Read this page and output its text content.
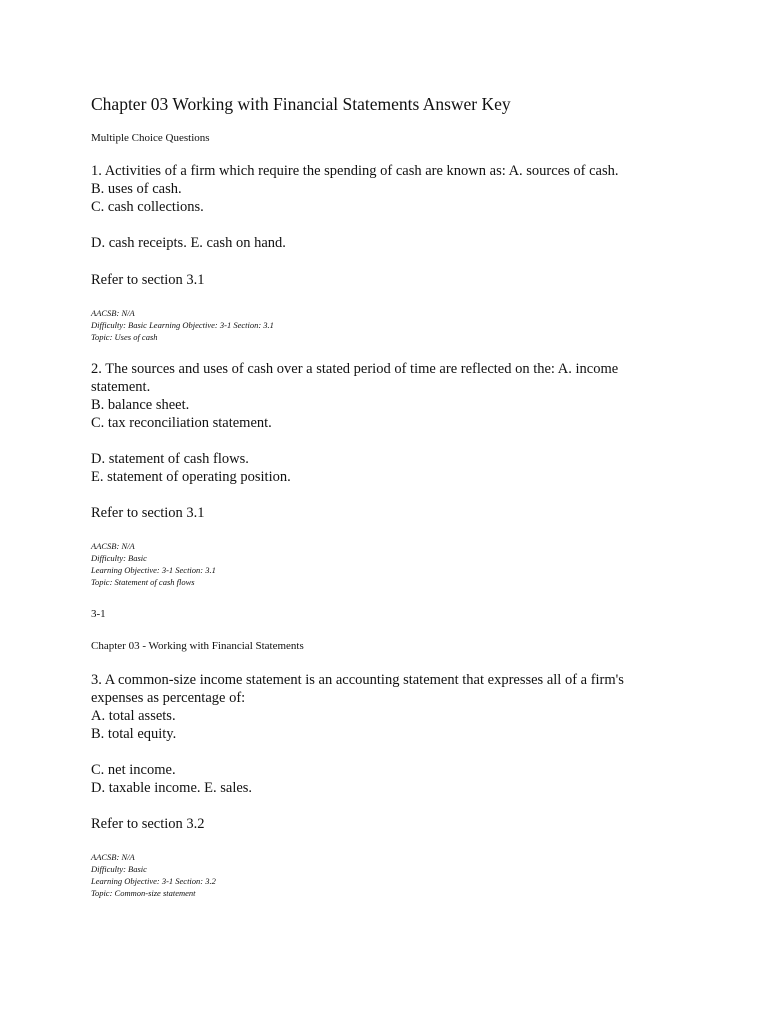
Chapter 03 Working with Financial Statements Answer Key
Multiple Choice Questions
1. Activities of a firm which require the spending of cash are known as: A. sources of cash.
B. uses of cash.
C. cash collections.
D. cash receipts. E. cash on hand.
Refer to section 3.1
AACSB: N/A
Difficulty: Basic Learning Objective: 3-1 Section: 3.1
Topic: Uses of cash
2. The sources and uses of cash over a stated period of time are reflected on the: A. income statement.
B. balance sheet.
C. tax reconciliation statement.
D. statement of cash flows.
E. statement of operating position.
Refer to section 3.1
AACSB: N/A
Difficulty: Basic
Learning Objective: 3-1 Section: 3.1
Topic: Statement of cash flows
3-1
Chapter 03 - Working with Financial Statements
3. A common-size income statement is an accounting statement that expresses all of a firm's expenses as percentage of:
A. total assets.
B. total equity.
C. net income.
D. taxable income. E. sales.
Refer to section 3.2
AACSB: N/A
Difficulty: Basic
Learning Objective: 3-1 Section: 3.2
Topic: Common-size statement
